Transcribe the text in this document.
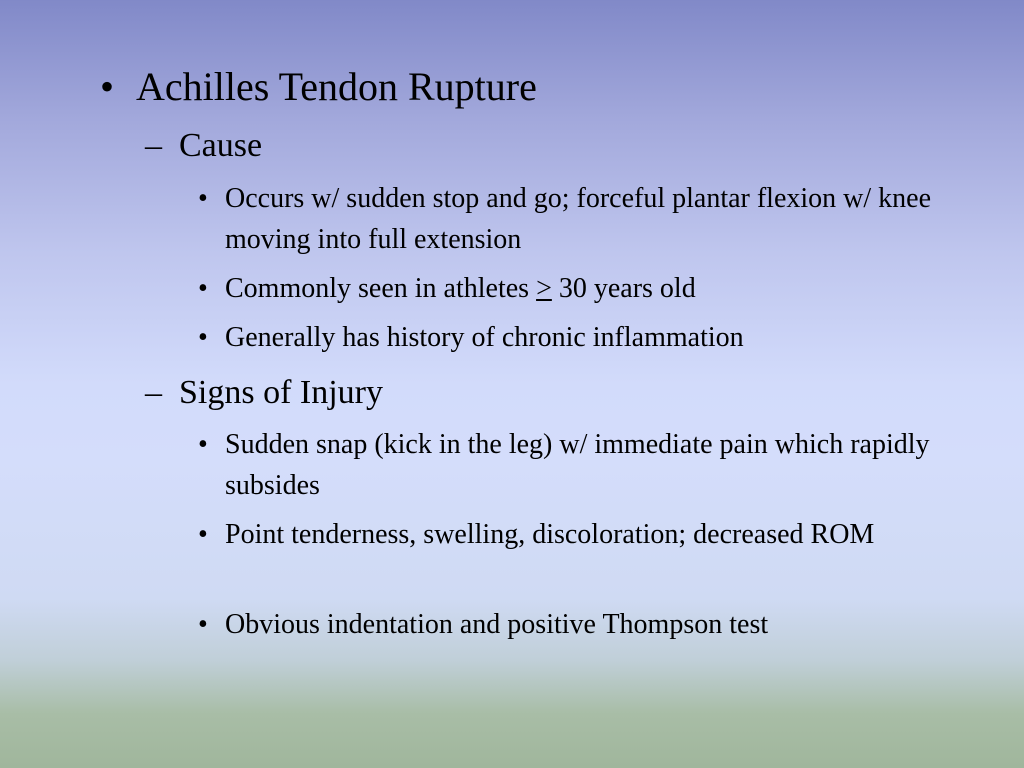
• Achilles Tendon Rupture
– Cause
• Occurs w/ sudden stop and go; forceful plantar flexion w/ knee moving into full extension
• Commonly seen in athletes ≥ 30 years old
• Generally has history of chronic inflammation
– Signs of Injury
• Sudden snap (kick in the leg) w/ immediate pain which rapidly subsides
• Point tenderness, swelling, discoloration; decreased ROM
• Obvious indentation and positive Thompson test
